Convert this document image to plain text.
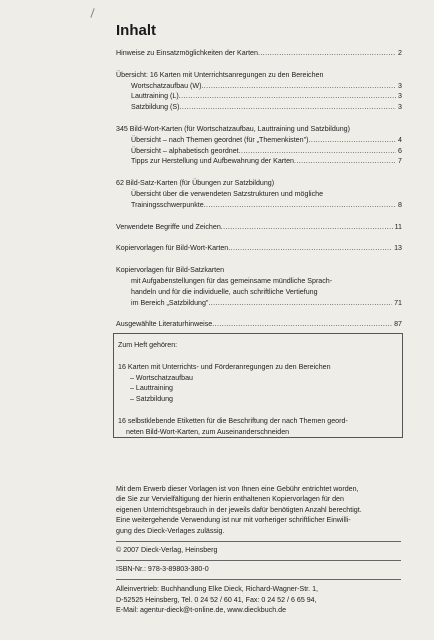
Inhalt
Hinweise zu Einsatzmöglichkeiten der Karten .....	2
Übersicht: 16 Karten mit Unterrichtsanregungen zu den Bereichen
Wortschatzaufbau (W) .....	3
Lauttraining (L) .....	3
Satzbildung (S) .....	3
345 Bild-Wort-Karten (für Wortschatzaufbau, Lauttraining und Satzbildung)
Übersicht – nach Themen geordnet (für „Themenkisten") .....	4
Übersicht – alphabetisch geordnet .....	6
Tipps zur Herstellung und Aufbewahrung der Karten .....	7
62 Bild-Satz-Karten (für Übungen zur Satzbildung)
Übersicht über die verwendeten Satzstrukturen und mögliche
Trainingsschwerpunkte .....	8
Verwendete Begriffe und Zeichen .....	11
Kopiervorlagen für Bild-Wort-Karten .....	13
Kopiervorlagen für Bild-Satzkarten
mit Aufgabenstellungen für das gemeinsame mündliche Sprach-
handeln und für die individuelle, auch schriftliche Vertiefung
im Bereich „Satzbildung" .....	71
Ausgewählte Literaturhinweise .....	87
Zum Heft gehören:
16 Karten mit Unterrichts- und Förderanregungen zu den Bereichen
– Wortschatzaufbau
– Lauttraining
– Satzbildung
16 selbstklebende Etiketten für die Beschriftung der nach Themen geord-
neten Bild-Wort-Karten, zum Auseinanderschneiden
Mit dem Erwerb dieser Vorlagen ist von Ihnen eine Gebühr entrichtet worden,
die Sie zur Vervielfältigung der hierin enthaltenen Kopiervorlagen für den
eigenen Unterrichtsgebrauch in der jeweils dafür benötigten Anzahl berechtigt.
Eine weitergehende Verwendung ist nur mit vorheriger schriftlicher Einwilli-
gung des Dieck-Verlages zulässig.
© 2007 Dieck-Verlag, Heinsberg
ISBN-Nr.: 978-3-89803-380-0
Alleinvertrieb: Buchhandlung Elke Dieck, Richard-Wagner-Str. 1,
D-52525 Heinsberg, Tel. 0 24 52 / 60 41, Fax: 0 24 52 / 6 65 94,
E-Mail: agentur-dieck@t-online.de, www.dieckbuch.de
